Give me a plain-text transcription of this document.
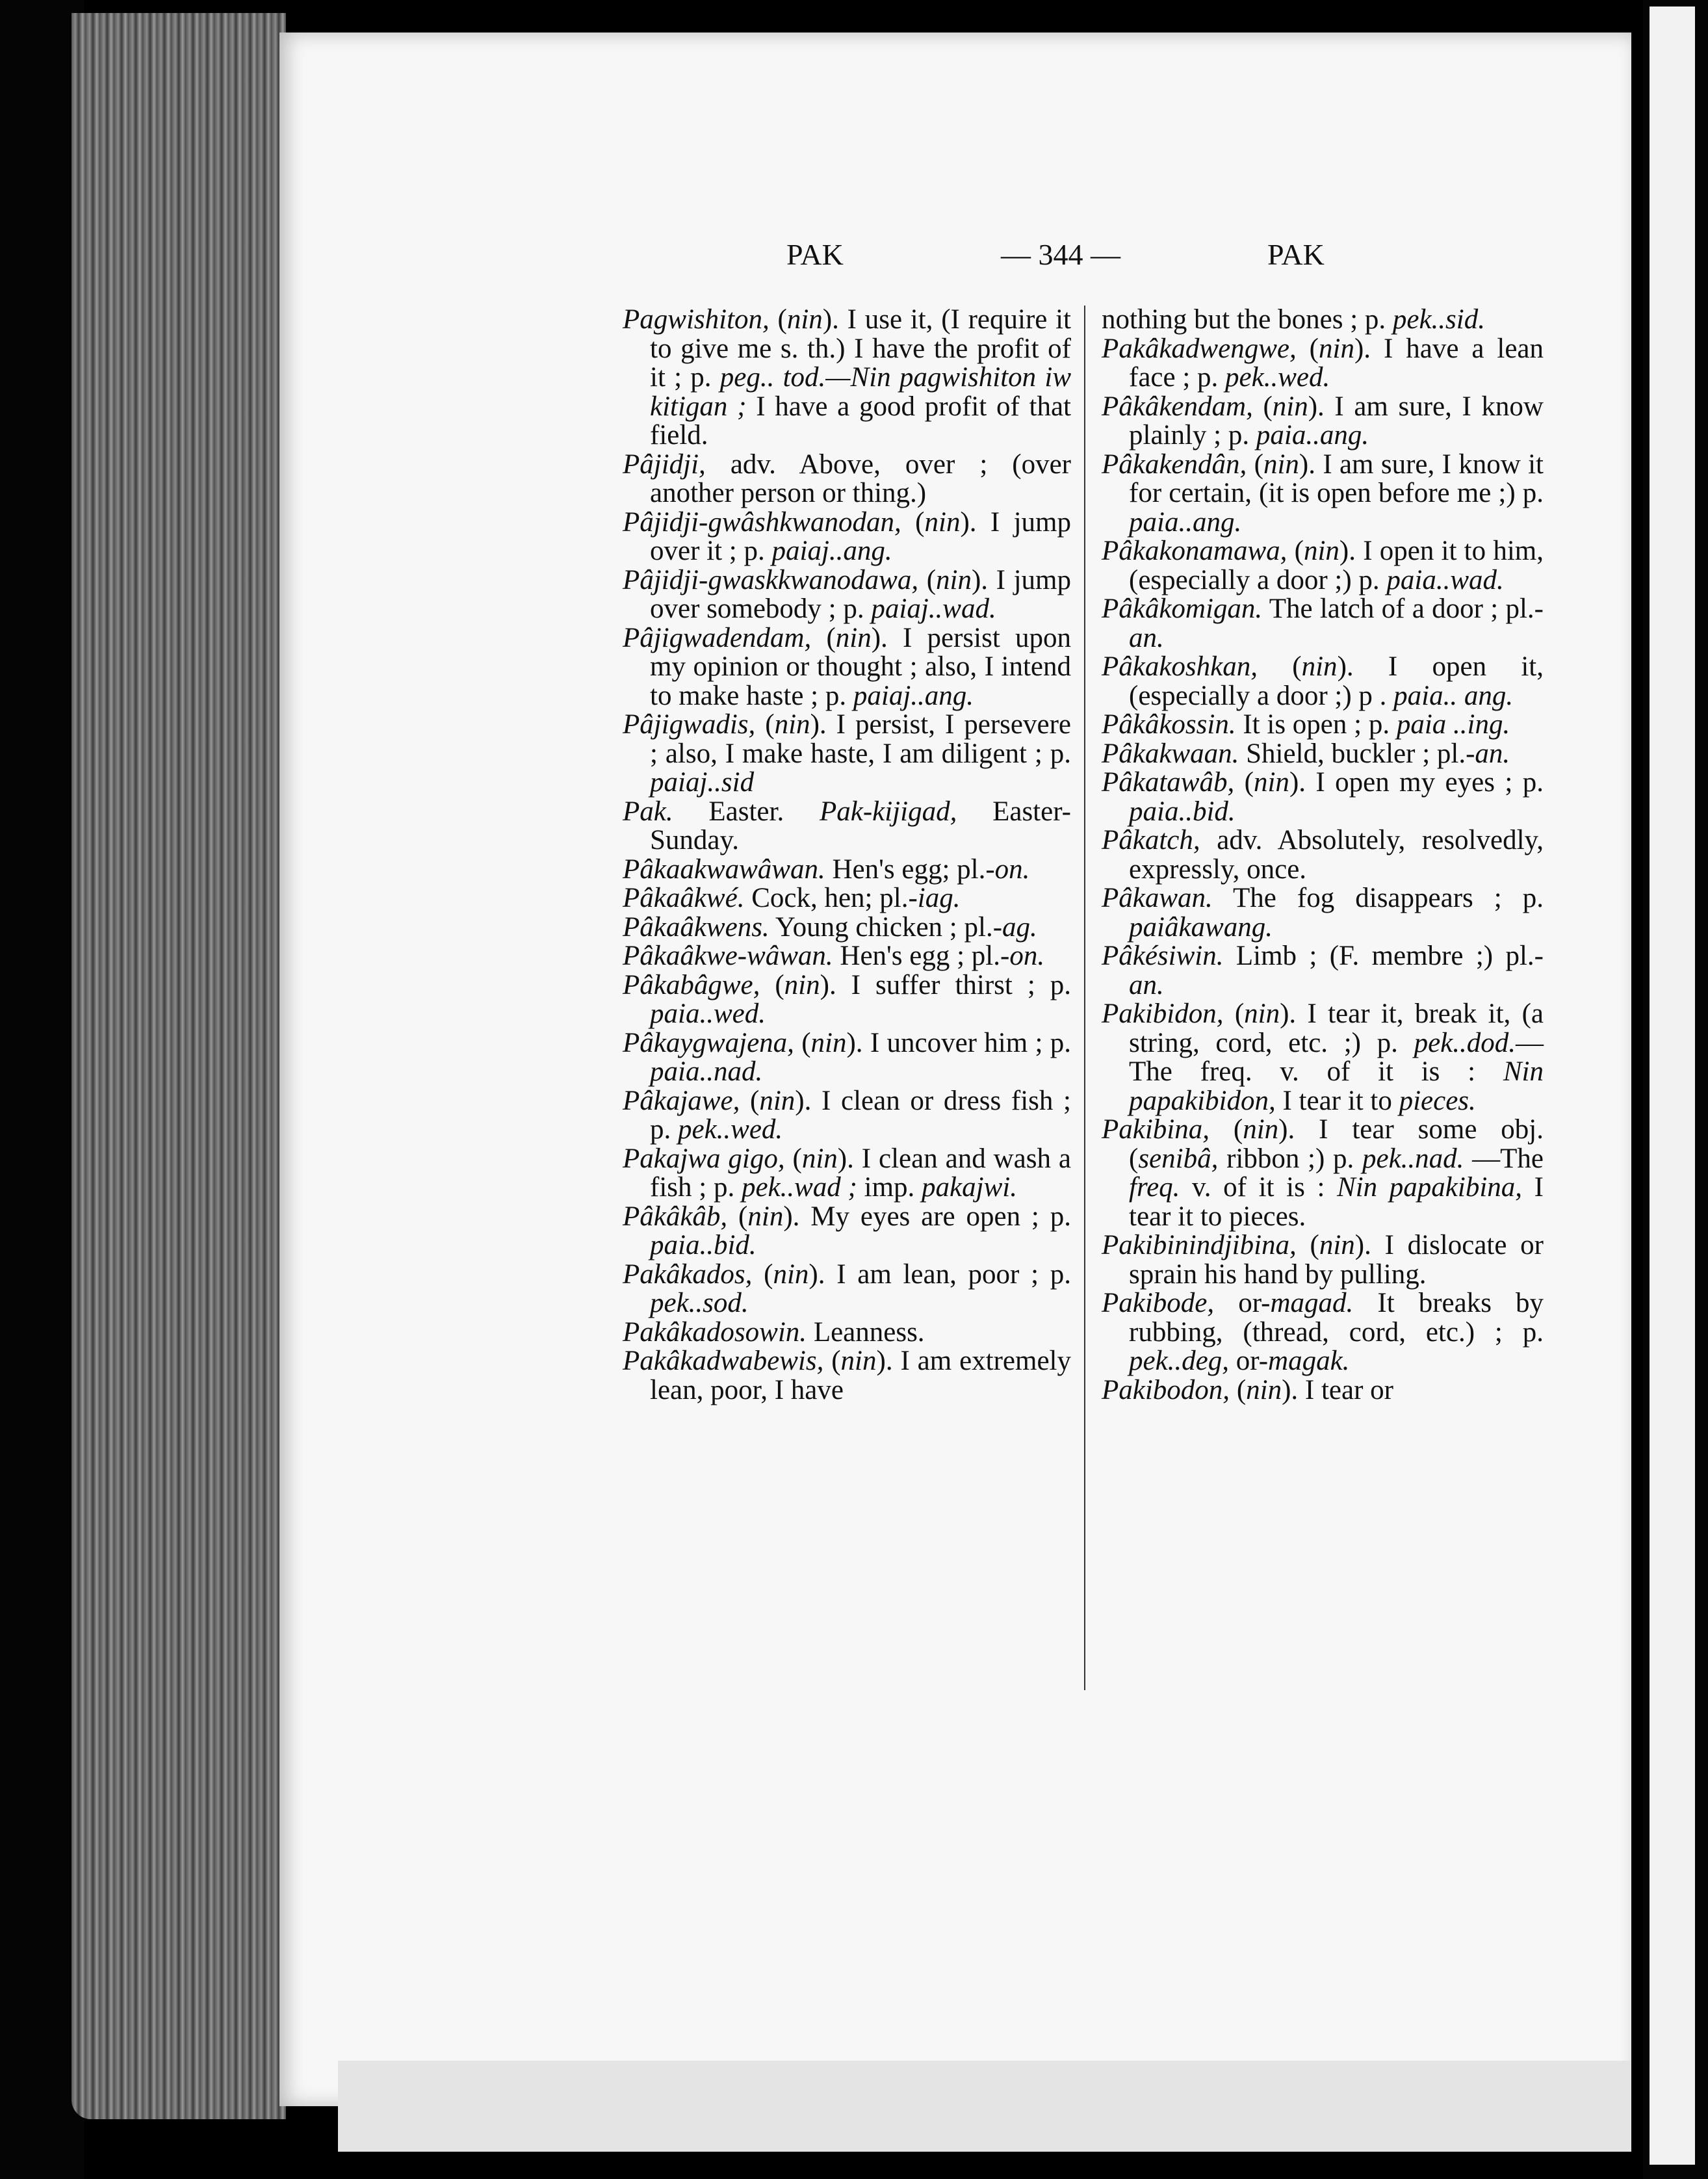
PAK	— 344 —	PAK

Pagwishiton, (nin). I use it, (I require it to give me s. th.) I have the profit of it ; p. peg.. tod.—Nin pagwishiton iw kitigan ; I have a good profit of that field.

Pâjidji, adv. Above, over ; (over another person or thing.)

Pâjidji-gwâshkwanodan, (nin). I jump over it ; p. paiaj..ang.

Pâjidji-gwaskkwanodawa, (nin). I jump over somebody ; p. paiaj..wad.

Pâjigwadendam, (nin). I persist upon my opinion or thought ; also, I intend to make haste ; p. paiaj..ang.

Pâjigwadis, (nin). I persist, I persevere ; also, I make haste, I am diligent ; p. paiaj..sid

Pak. Easter. Pak-kijigad, Easter-Sunday.

Pâkaakwawâwan. Hen's egg; pl.-on.

Pâkaâkwé. Cock, hen; pl.-iag.

Pâkaâkwens. Young chicken ; pl.-ag.

Pâkaâkwe-wâwan. Hen's egg ; pl.-on.

Pâkabâgwe, (nin). I suffer thirst ; p. paia..wed.

Pâkaygwajena, (nin). I uncover him ; p. paia..nad.

Pâkajawe, (nin). I clean or dress fish ; p. pek..wed.

Pakajwa gigo, (nin). I clean and wash a fish ; p. pek..wad ; imp. pakajwi.

Pâkâkâb, (nin). My eyes are open ; p. paia..bid.

Pakâkados, (nin). I am lean, poor ; p. pek..sod.

Pakâkadosowin. Leanness.

Pakâkadwabewis, (nin). I am extremely lean, poor, I have

nothing but the bones ; p. pek..sid.

Pakâkadwengwe, (nin). I have a lean face ; p. pek..wed.

Pâkâkendam, (nin). I am sure, I know plainly ; p. paia..ang.

Pâkakendân, (nin). I am sure, I know it for certain, (it is open before me ;) p. paia..ang.

Pâkakonamawa, (nin). I open it to him, (especially a door ;) p. paia..wad.

Pâkâkomigan. The latch of a door ; pl.-an.

Pâkakoshkan, (nin). I open it, (especially a door ;) p . paia.. ang.

Pâkâkossin. It is open ; p. paia ..ing.

Pâkakwaan. Shield, buckler ; pl.-an.

Pâkatawâb, (nin). I open my eyes ; p. paia..bid.

Pâkatch, adv. Absolutely, resolvedly, expressly, once.

Pâkawan. The fog disappears ; p. paiâkawang.

Pâkésiwin. Limb ; (F. membre ;) pl.-an.

Pakibidon, (nin). I tear it, break it, (a string, cord, etc. ;) p. pek..dod.— The freq. v. of it is : Nin papakibidon, I tear it to pieces.

Pakibina, (nin). I tear some obj. (senibâ, ribbon ;) p. pek..nad. —The freq. v. of it is : Nin papakibina, I tear it to pieces.

Pakibinindjibina, (nin). I dislocate or sprain his hand by pulling.

Pakibode, or-magad. It breaks by rubbing, (thread, cord, etc.) ; p. pek..deg, or-magak.

Pakibodon, (nin). I tear or
